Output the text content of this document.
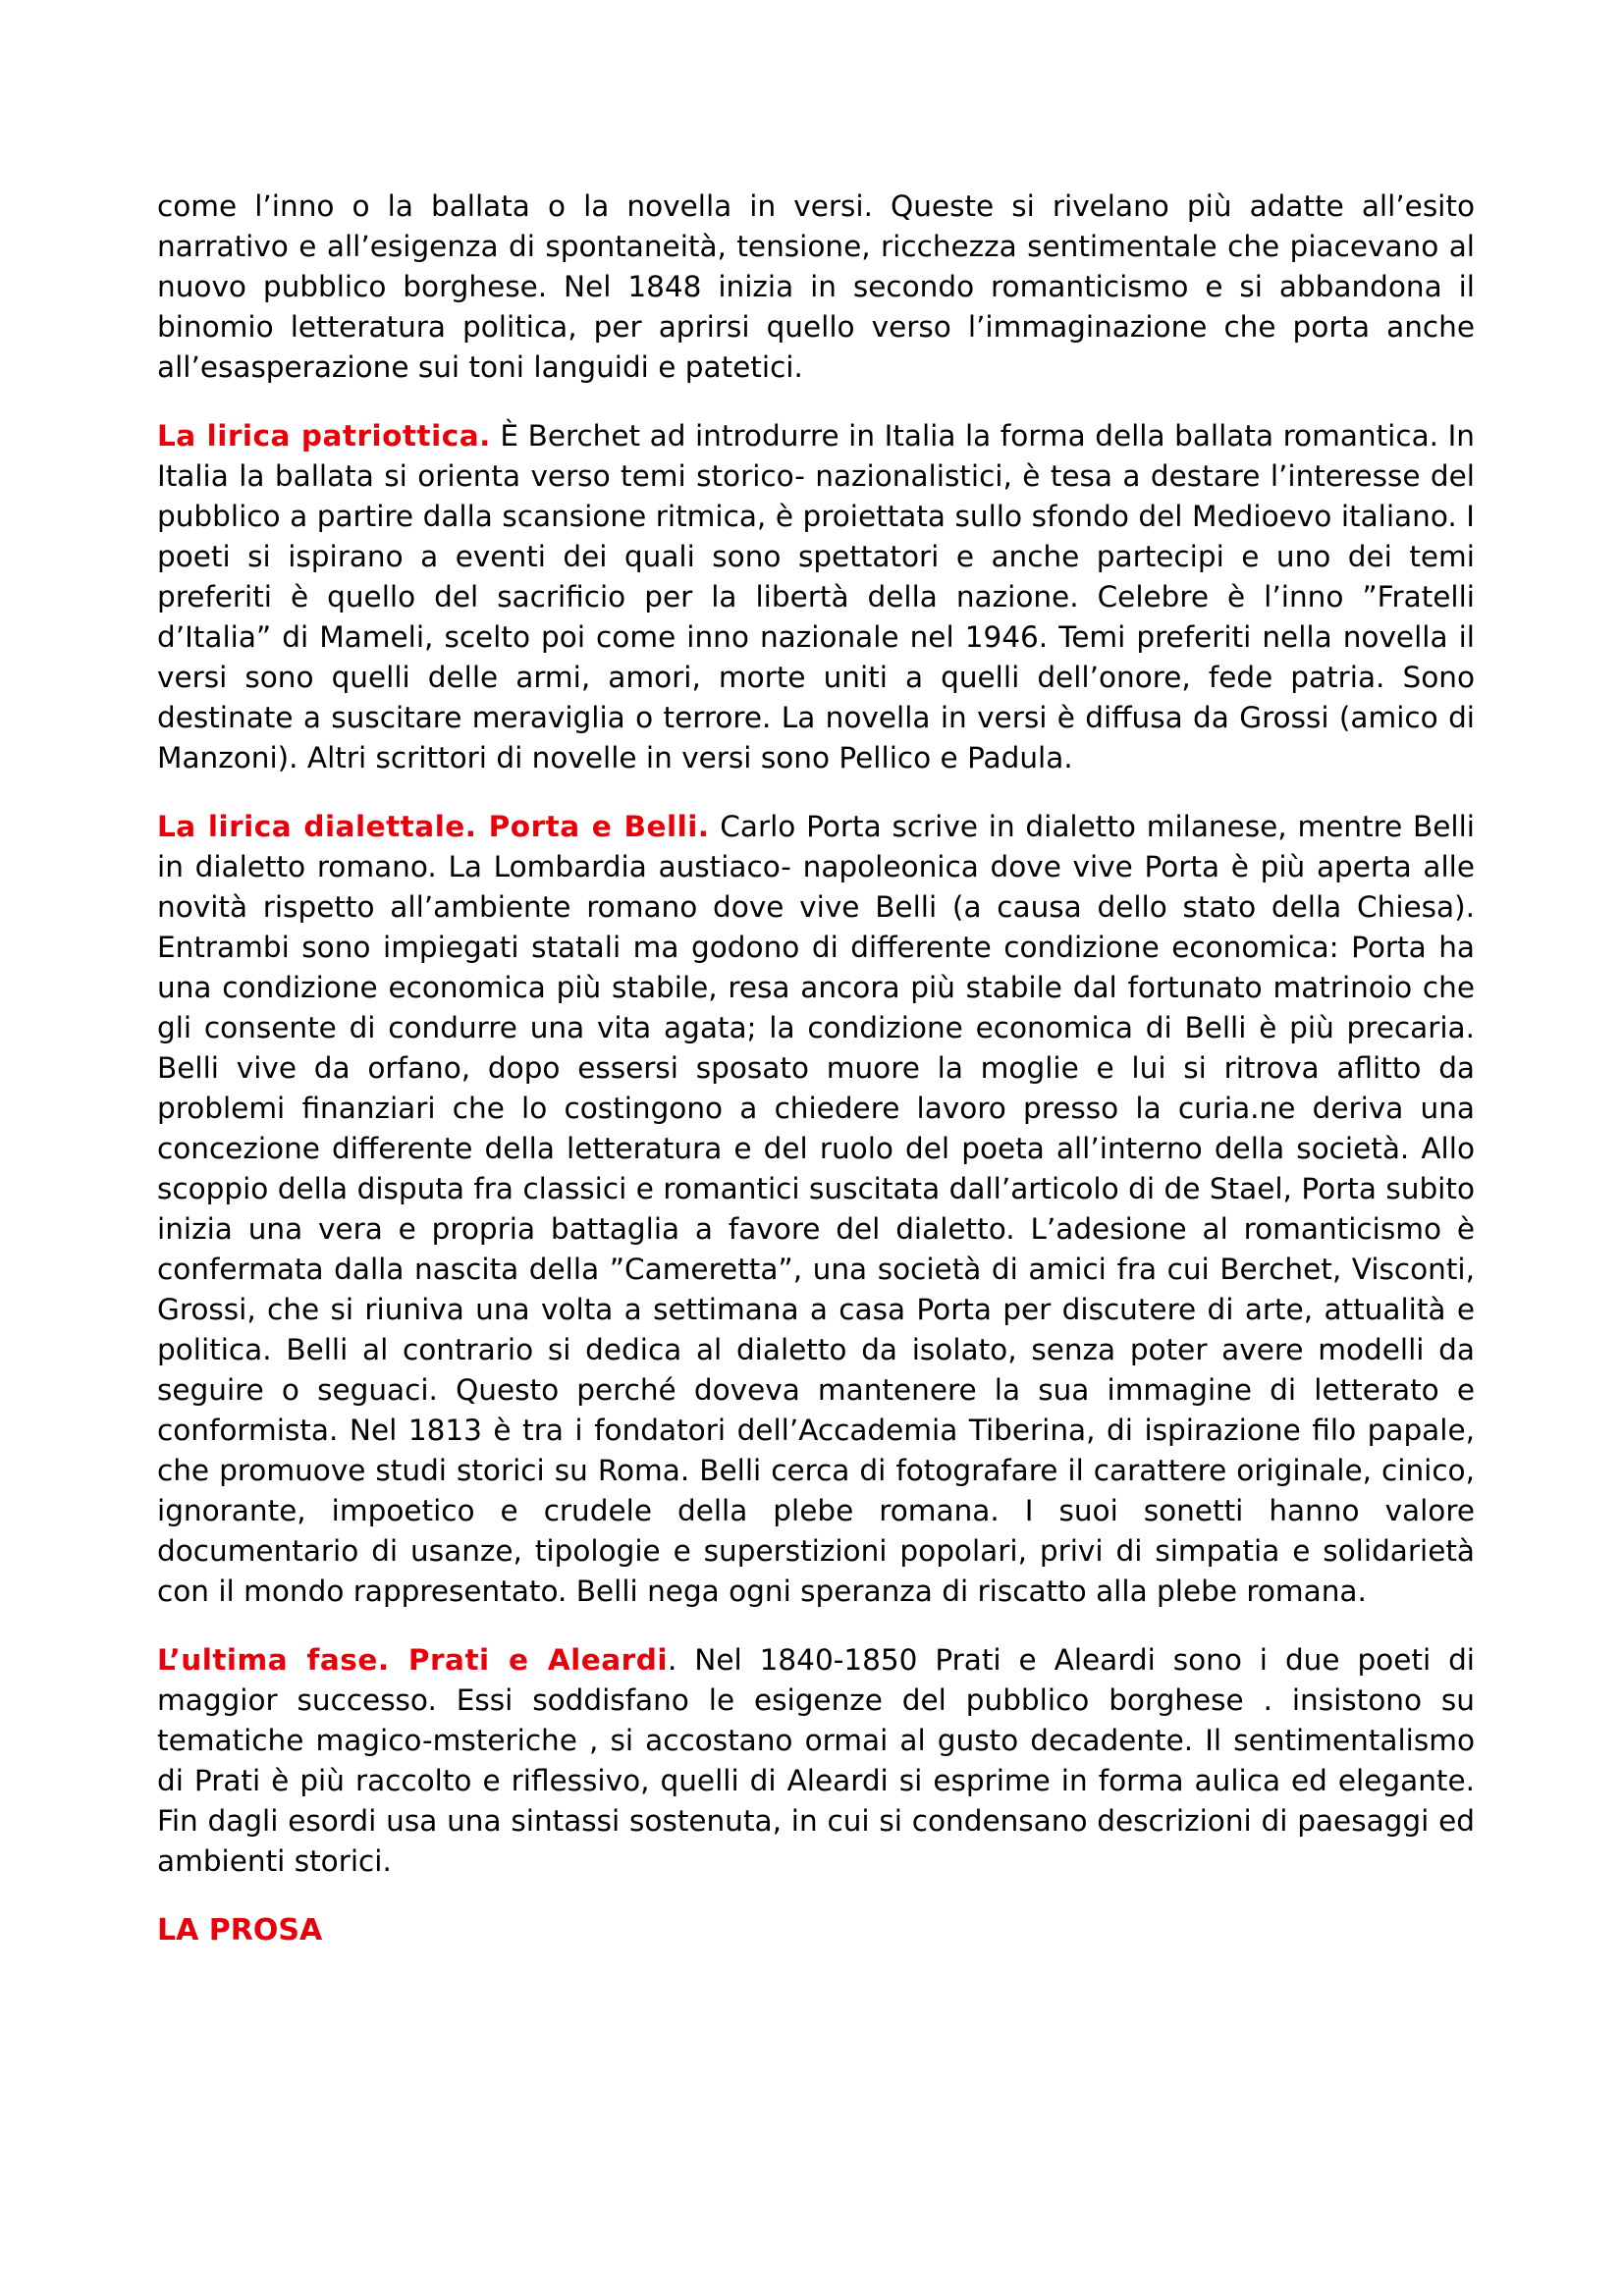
come l’inno o la ballata o la novella in versi. Queste si rivelano più adatte all’esito narrativo e all’esigenza di spontaneità, tensione, ricchezza sentimentale che piacevano al nuovo pubblico borghese. Nel 1848 inizia in secondo romanticismo e si abbandona il binomio letteratura politica, per aprirsi quello verso l’immaginazione che porta anche all’esasperazione sui toni languidi e patetici.

La lirica patriottica. È Berchet ad introdurre in Italia la forma della ballata romantica. In Italia la ballata si orienta verso temi storico- nazionalistici, è tesa a destare l’interesse del pubblico a partire dalla scansione ritmica, è proiettata sullo sfondo del Medioevo italiano. I poeti si ispirano a eventi dei quali sono spettatori e anche partecipi e uno dei temi preferiti è quello del sacrificio per la libertà della nazione. Celebre è l’inno ”Fratelli d’Italia” di Mameli, scelto poi come inno nazionale nel 1946. Temi preferiti nella novella il versi sono quelli delle armi, amori, morte uniti a quelli dell’onore, fede patria. Sono destinate a suscitare meraviglia o terrore. La novella in versi è diffusa da Grossi (amico di Manzoni). Altri scrittori di novelle in versi sono Pellico e Padula.

La lirica dialettale. Porta e Belli. Carlo Porta scrive in dialetto milanese, mentre Belli in dialetto romano. La Lombardia austiaco- napoleonica dove vive Porta è più aperta alle novità rispetto all’ambiente romano dove vive Belli (a causa dello stato della Chiesa). Entrambi sono impiegati statali ma godono di differente condizione economica: Porta ha una condizione economica più stabile, resa ancora più stabile dal fortunato matrinoio che gli consente di condurre una vita agata; la condizione economica di Belli è più precaria. Belli vive da orfano, dopo essersi sposato muore la moglie e lui si ritrova aflitto da problemi finanziari che lo costingono a chiedere lavoro presso la curia.ne deriva una concezione differente della letteratura e del ruolo del poeta all’interno della società. Allo scoppio della disputa fra classici e romantici suscitata dall’articolo di de Stael, Porta subito inizia una vera e propria battaglia a favore del dialetto. L’adesione al romanticismo è confermata dalla nascita della ”Cameretta”, una società di amici fra cui Berchet, Visconti, Grossi, che si riuniva una volta a settimana a casa Porta per discutere di arte, attualità e politica. Belli al contrario si dedica al dialetto da isolato, senza poter avere modelli da seguire o seguaci. Questo perché doveva mantenere la sua immagine di letterato e conformista. Nel 1813 è tra i fondatori dell’Accademia Tiberina, di ispirazione filo papale, che promuove studi storici su Roma. Belli cerca di fotografare il carattere originale, cinico, ignorante, impoetico e crudele della plebe romana. I suoi sonetti hanno valore documentario di usanze, tipologie e superstizioni popolari, privi di simpatia e solidarietà con il mondo rappresentato. Belli nega ogni speranza di riscatto alla plebe romana.

L’ultima fase. Prati e Aleardi. Nel 1840-1850 Prati e Aleardi sono i due poeti di maggior successo. Essi soddisfano le esigenze del pubblico borghese . insistono su tematiche magico-msteriche , si accostano ormai al gusto decadente. Il sentimentalismo di Prati è più raccolto e riflessivo, quelli di Aleardi si esprime in forma aulica ed elegante. Fin dagli esordi usa una sintassi sostenuta, in cui si condensano descrizioni di paesaggi ed ambienti storici.

LA PROSA
